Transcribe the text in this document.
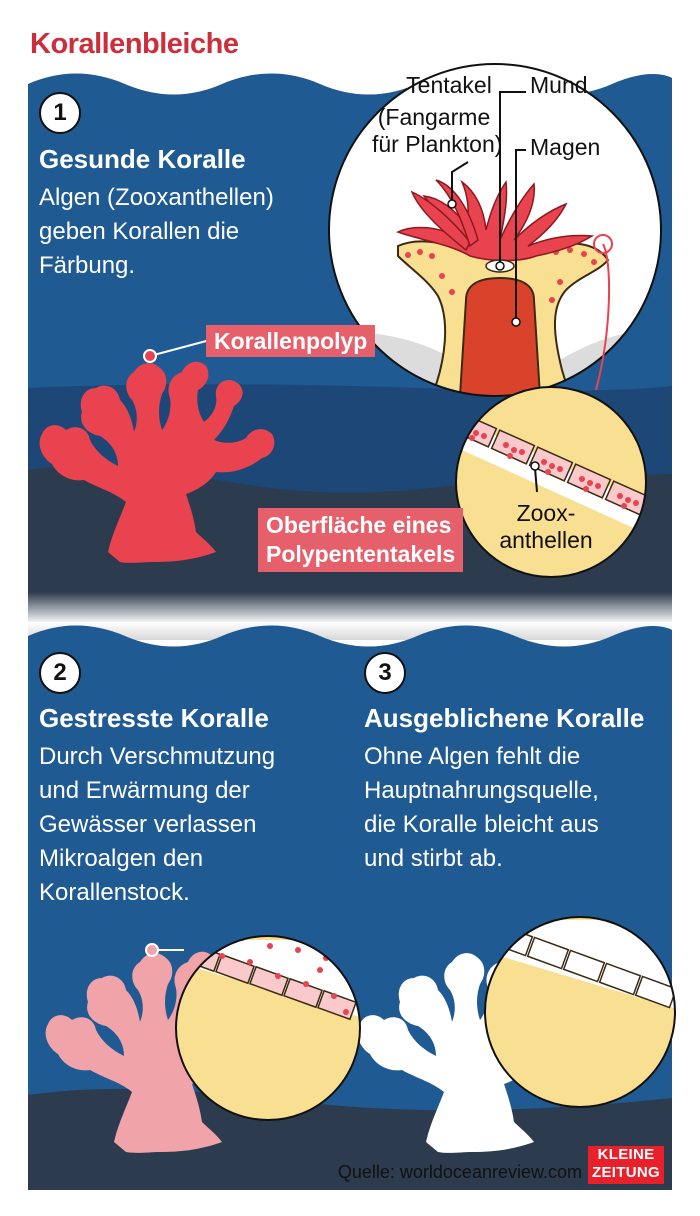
Korallenbleiche
1
Gesunde Koralle
Algen (Zooxanthellen)
geben Korallen die
Färbung.
Korallenpolyp
Oberfläche eines
Polypententakels
Tentakel
(Fangarme
für Plankton)
Mund
Magen
Zoox-
anthellen
2
Gestresste Koralle
Durch Verschmutzung
und Erwärmung der
Gewässer verlassen
Mikroalgen den
Korallenstock.
3
Ausgeblichene Koralle
Ohne Algen fehlt die
Hauptnahrungsquelle,
die Koralle bleicht aus
und stirbt ab.
Quelle: worldoceanreview.com
KLEINE
ZEITUNG
